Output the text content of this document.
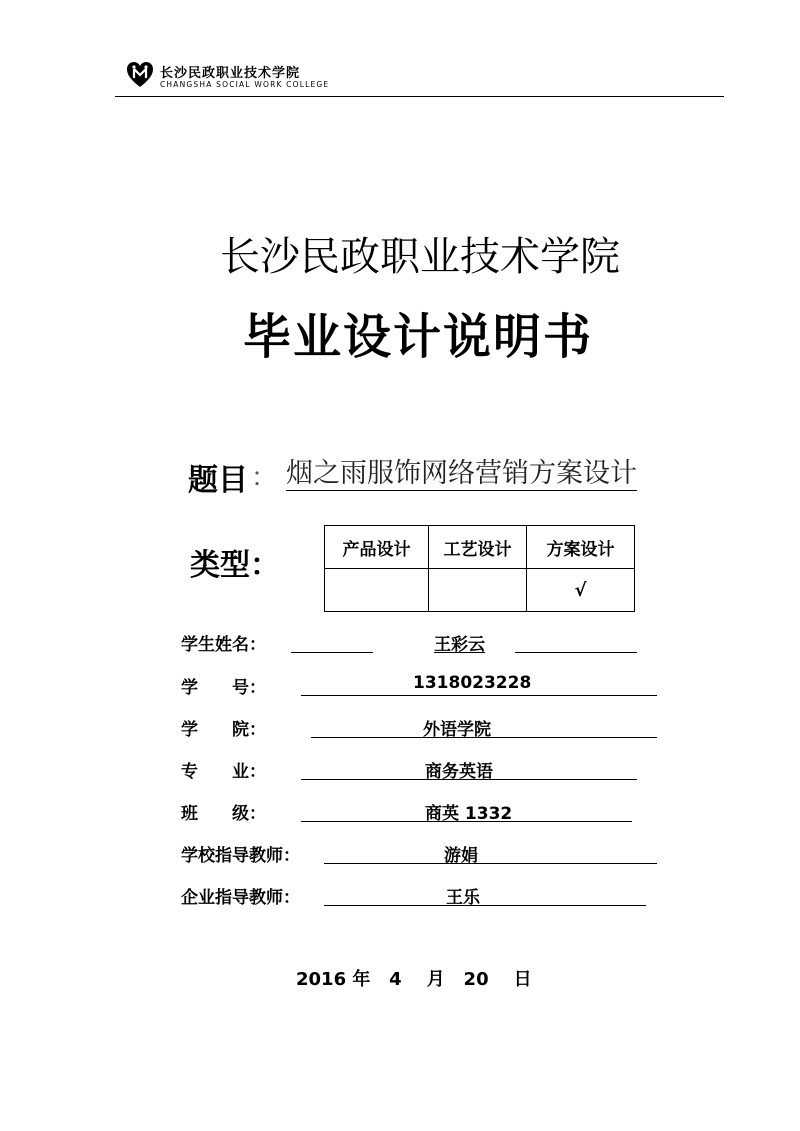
长沙民政职业技术学院
CHANGSHA SOCIAL WORK COLLEGE
长沙民政职业技术学院
毕业设计说明书
题目 ： 烟之雨服饰网络营销方案设计
类型：	产品设计	工艺设计	方案设计
		√
学生姓名：	王彩云
学　　号：	1318023228
学　　院：	外语学院
专　　业：	商务英语
班　　级：	商英 1332
学校指导教师：	游娟
企业指导教师：	王乐
2016 年   4    月   20    日
